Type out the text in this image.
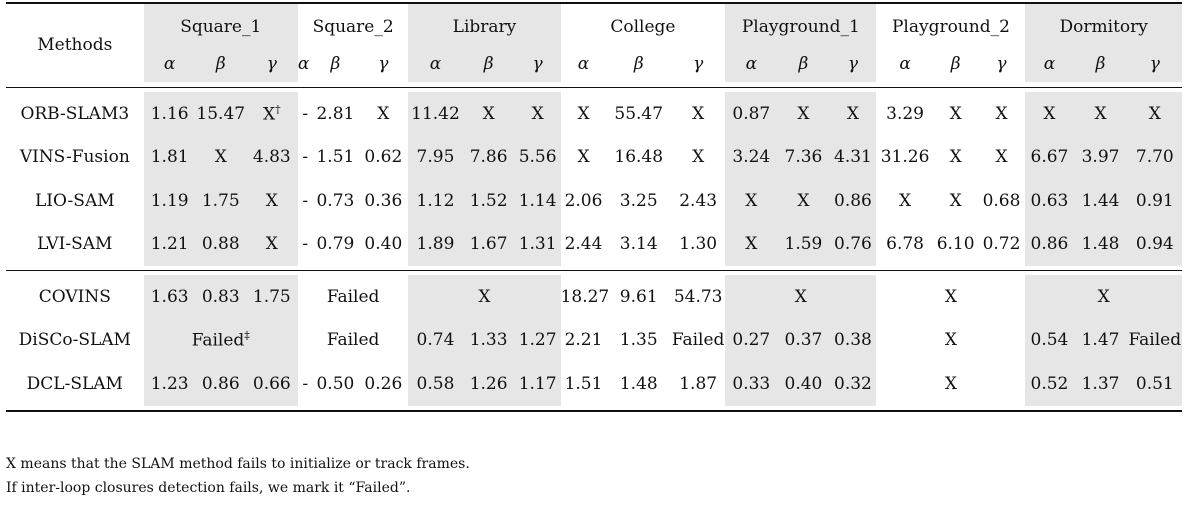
Methods	Square_1			Square_2			Library			College			Playground_1			Playground_2			Dormitory		
	α	β	γ	α	β	γ	α	β	γ	α	β	γ	α	β	γ	α	β	γ	α	β	γ

ORB-SLAM3	1.16	15.47	X†	-	2.81	X	11.42	X	X	X	55.47	X	0.87	X	X	3.29	X	X	X	X	X
VINS-Fusion	1.81	X	4.83	-	1.51	0.62	7.95	7.86	5.56	X	16.48	X	3.24	7.36	4.31	31.26	X	X	6.67	3.97	7.70
LIO-SAM	1.19	1.75	X	-	0.73	0.36	1.12	1.52	1.14	2.06	3.25	2.43	X	X	0.86	X	X	0.68	0.63	1.44	0.91
LVI-SAM	1.21	0.88	X	-	0.79	0.40	1.89	1.67	1.31	2.44	3.14	1.30	X	1.59	0.76	6.78	6.10	0.72	0.86	1.48	0.94

COVINS	1.63	0.83	1.75	Failed			X			18.27	9.61	54.73	X			X			X		
DiSCo-SLAM	Failed‡			Failed			0.74	1.33	1.27	2.21	1.35	Failed	0.27	0.37	0.38	X			0.54	1.47	Failed
DCL-SLAM	1.23	0.86	0.66	-	0.50	0.26	0.58	1.26	1.17	1.51	1.48	1.87	0.33	0.40	0.32	X			0.52	1.37	0.51

X means that the SLAM method fails to initialize or track frames.
If inter-loop closures detection fails, we mark it “Failed”.
